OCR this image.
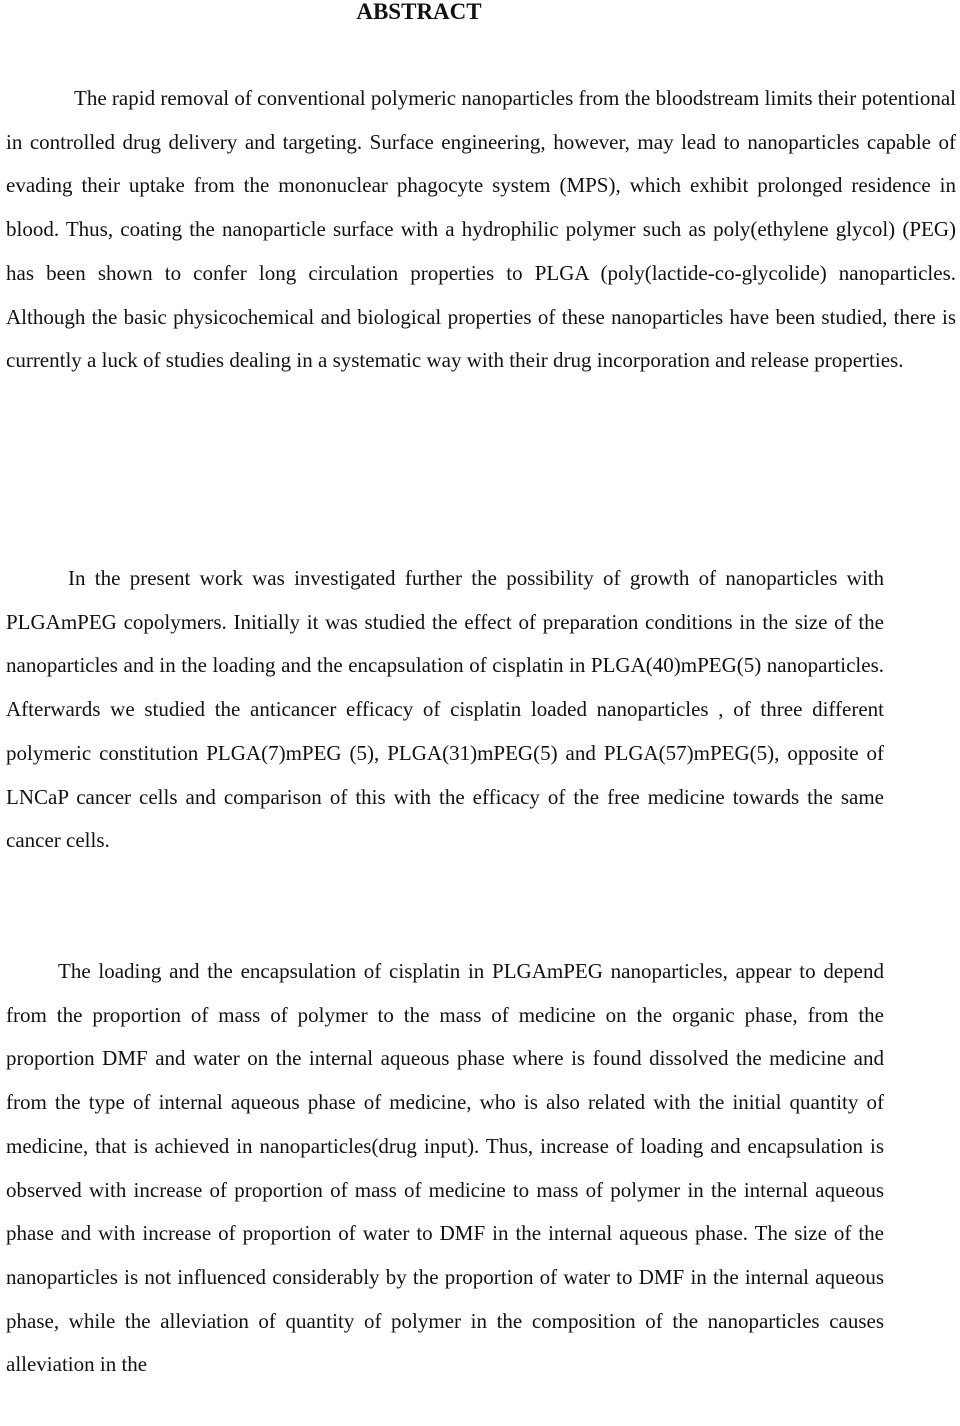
ABSTRACT

The rapid removal of conventional polymeric nanoparticles from the bloodstream limits their potentional in controlled drug delivery and targeting. Surface engineering, however, may lead to nanoparticles capable of evading their uptake from the mononuclear phagocyte system (MPS), which exhibit prolonged residence in blood. Thus, coating the nanoparticle surface with a hydrophilic polymer such as poly(ethylene glycol) (PEG) has been shown to confer long circulation properties to PLGA (poly(lactide-co-glycolide) nanoparticles. Although the basic physicochemical and biological properties of these nanoparticles have been studied, there is currently a luck of studies dealing in a systematic way with their drug incorporation and release properties.

In the present work was investigated further the possibility of growth of nanoparticles with PLGAmPEG copolymers. Initially it was studied the effect of preparation conditions in the size of the nanoparticles and in the loading and the encapsulation of cisplatin in PLGA(40)mPEG(5) nanoparticles. Afterwards we studied the anticancer efficacy of cisplatin loaded nanoparticles , of three different polymeric constitution PLGA(7)mPEG (5), PLGA(31)mPEG(5) and PLGA(57)mPEG(5), opposite of LNCaP cancer cells and comparison of this with the efficacy of the free medicine towards the same cancer cells.

The loading and the encapsulation of cisplatin in PLGAmPEG nanoparticles, appear to depend from the proportion of mass of polymer to the mass of medicine on the organic phase, from the proportion DMF and water on the internal aqueous phase where is found dissolved the medicine and from the type of internal aqueous phase of medicine, who is also related with the initial quantity of medicine, that is achieved in nanoparticles(drug input). Thus, increase of loading and encapsulation is observed with increase of proportion of mass of medicine to mass of polymer in the internal aqueous phase and with increase of proportion of water to DMF in the internal aqueous phase. The size of the nanoparticles is not influenced considerably by the proportion of water to DMF in the internal aqueous phase, while the alleviation of quantity of polymer in the composition of the nanoparticles causes alleviation in the
